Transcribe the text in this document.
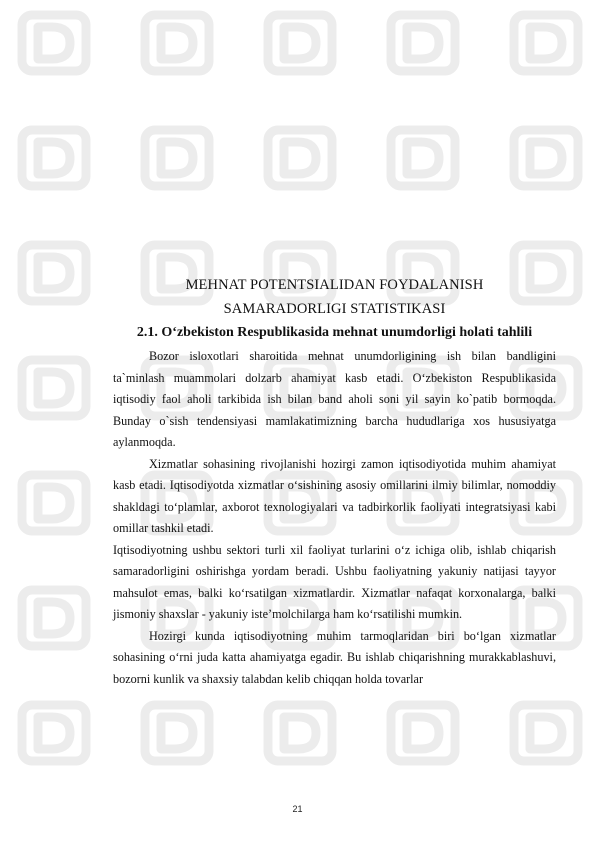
MEHNAT POTENTSIALIDAN FOYDALANISH
SAMARADORLIGI STATISTIKASI
2.1. O‘zbekiston Respublikasida mehnat unumdorligi holati tahlili

Bozor isloxotlari sharoitida mehnat unumdorligining ish bilan bandligini ta`minlash muammolari dolzarb ahamiyat kasb etadi. O‘zbekiston Respublikasida iqtisodiy faol aholi tarkibida ish bilan band aholi soni yil sayin ko`patib bormoqda. Bunday o`sish tendensiyasi mamlakatimizning barcha hududlariga xos hususiyatga aylanmoqda.

Xizmatlar sohasining rivojlanishi hozirgi zamon iqtisodiyotida muhim ahamiyat kasb etadi. Iqtisodiyotda xizmatlar o‘sishining asosiy omillarini ilmiy bilimlar, nomoddiy shakldagi to‘plamlar, axborot texnologiyalari va tadbirkorlik faoliyati integratsiyasi kabi omillar tashkil etadi.

Iqtisodiyotning ushbu sektori turli xil faoliyat turlarini o‘z ichiga olib, ishlab chiqarish samaradorligini oshirishga yordam beradi. Ushbu faoliyatning yakuniy natijasi tayyor mahsulot emas, balki ko‘rsatilgan xizmatlardir. Xizmatlar nafaqat korxonalarga, balki jismoniy shaxslar - yakuniy iste’molchilarga ham ko‘rsatilishi mumkin.

Hozirgi kunda iqtisodiyotning muhim tarmoqlaridan biri bo‘lgan xizmatlar sohasining o‘rni juda katta ahamiyatga egadir. Bu ishlab chiqarishning murakkablashuvi, bozorni kunlik va shaxsiy talabdan kelib chiqqan holda tovarlar

21
